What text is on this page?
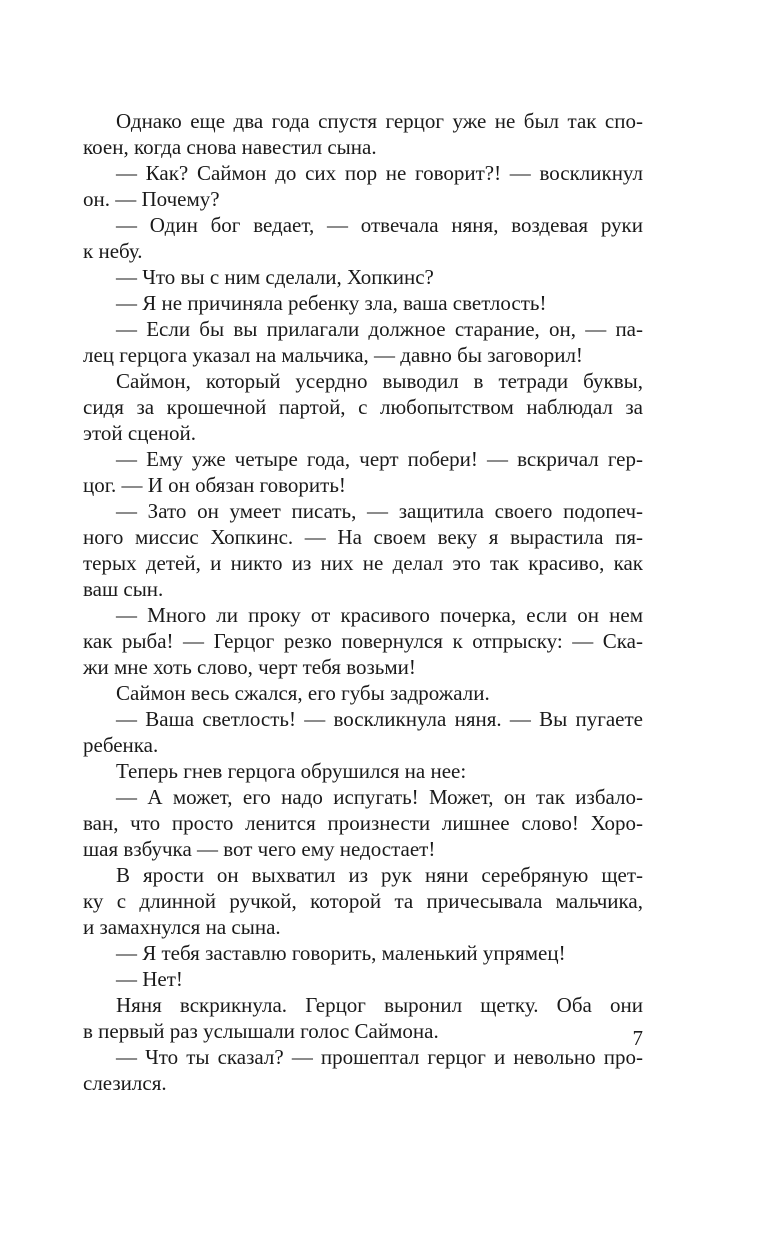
Однако еще два года спустя герцог уже не был так спо-
коен, когда снова навестил сына.
— Как? Саймон до сих пор не говорит?! — воскликнул
он. — Почему?
— Один бог ведает, — отвечала няня, воздевая руки
к небу.
— Что вы с ним сделали, Хопкинс?
— Я не причиняла ребенку зла, ваша светлость!
— Если бы вы прилагали должное старание, он, — па-
лец герцога указал на мальчика, — давно бы заговорил!
Саймон, который усердно выводил в тетради буквы,
сидя за крошечной партой, с любопытством наблюдал за
этой сценой.
— Ему уже четыре года, черт побери! — вскричал гер-
цог. — И он обязан говорить!
— Зато он умеет писать, — защитила своего подопеч-
ного миссис Хопкинс. — На своем веку я вырастила пя-
терых детей, и никто из них не делал это так красиво, как
ваш сын.
— Много ли проку от красивого почерка, если он нем
как рыба! — Герцог резко повернулся к отпрыску: — Ска-
жи мне хоть слово, черт тебя возьми!
Саймон весь сжался, его губы задрожали.
— Ваша светлость! — воскликнула няня. — Вы пугаете
ребенка.
Теперь гнев герцога обрушился на нее:
— А может, его надо испугать! Может, он так избало-
ван, что просто ленится произнести лишнее слово! Хоро-
шая взбучка — вот чего ему недостает!
В ярости он выхватил из рук няни серебряную щет-
ку с длинной ручкой, которой та причесывала мальчика,
и замахнулся на сына.
— Я тебя заставлю говорить, маленький упрямец!
— Нет!
Няня вскрикнула. Герцог выронил щетку. Оба они
в первый раз услышали голос Саймона.
— Что ты сказал? — прошептал герцог и невольно про-
слезился.
7
